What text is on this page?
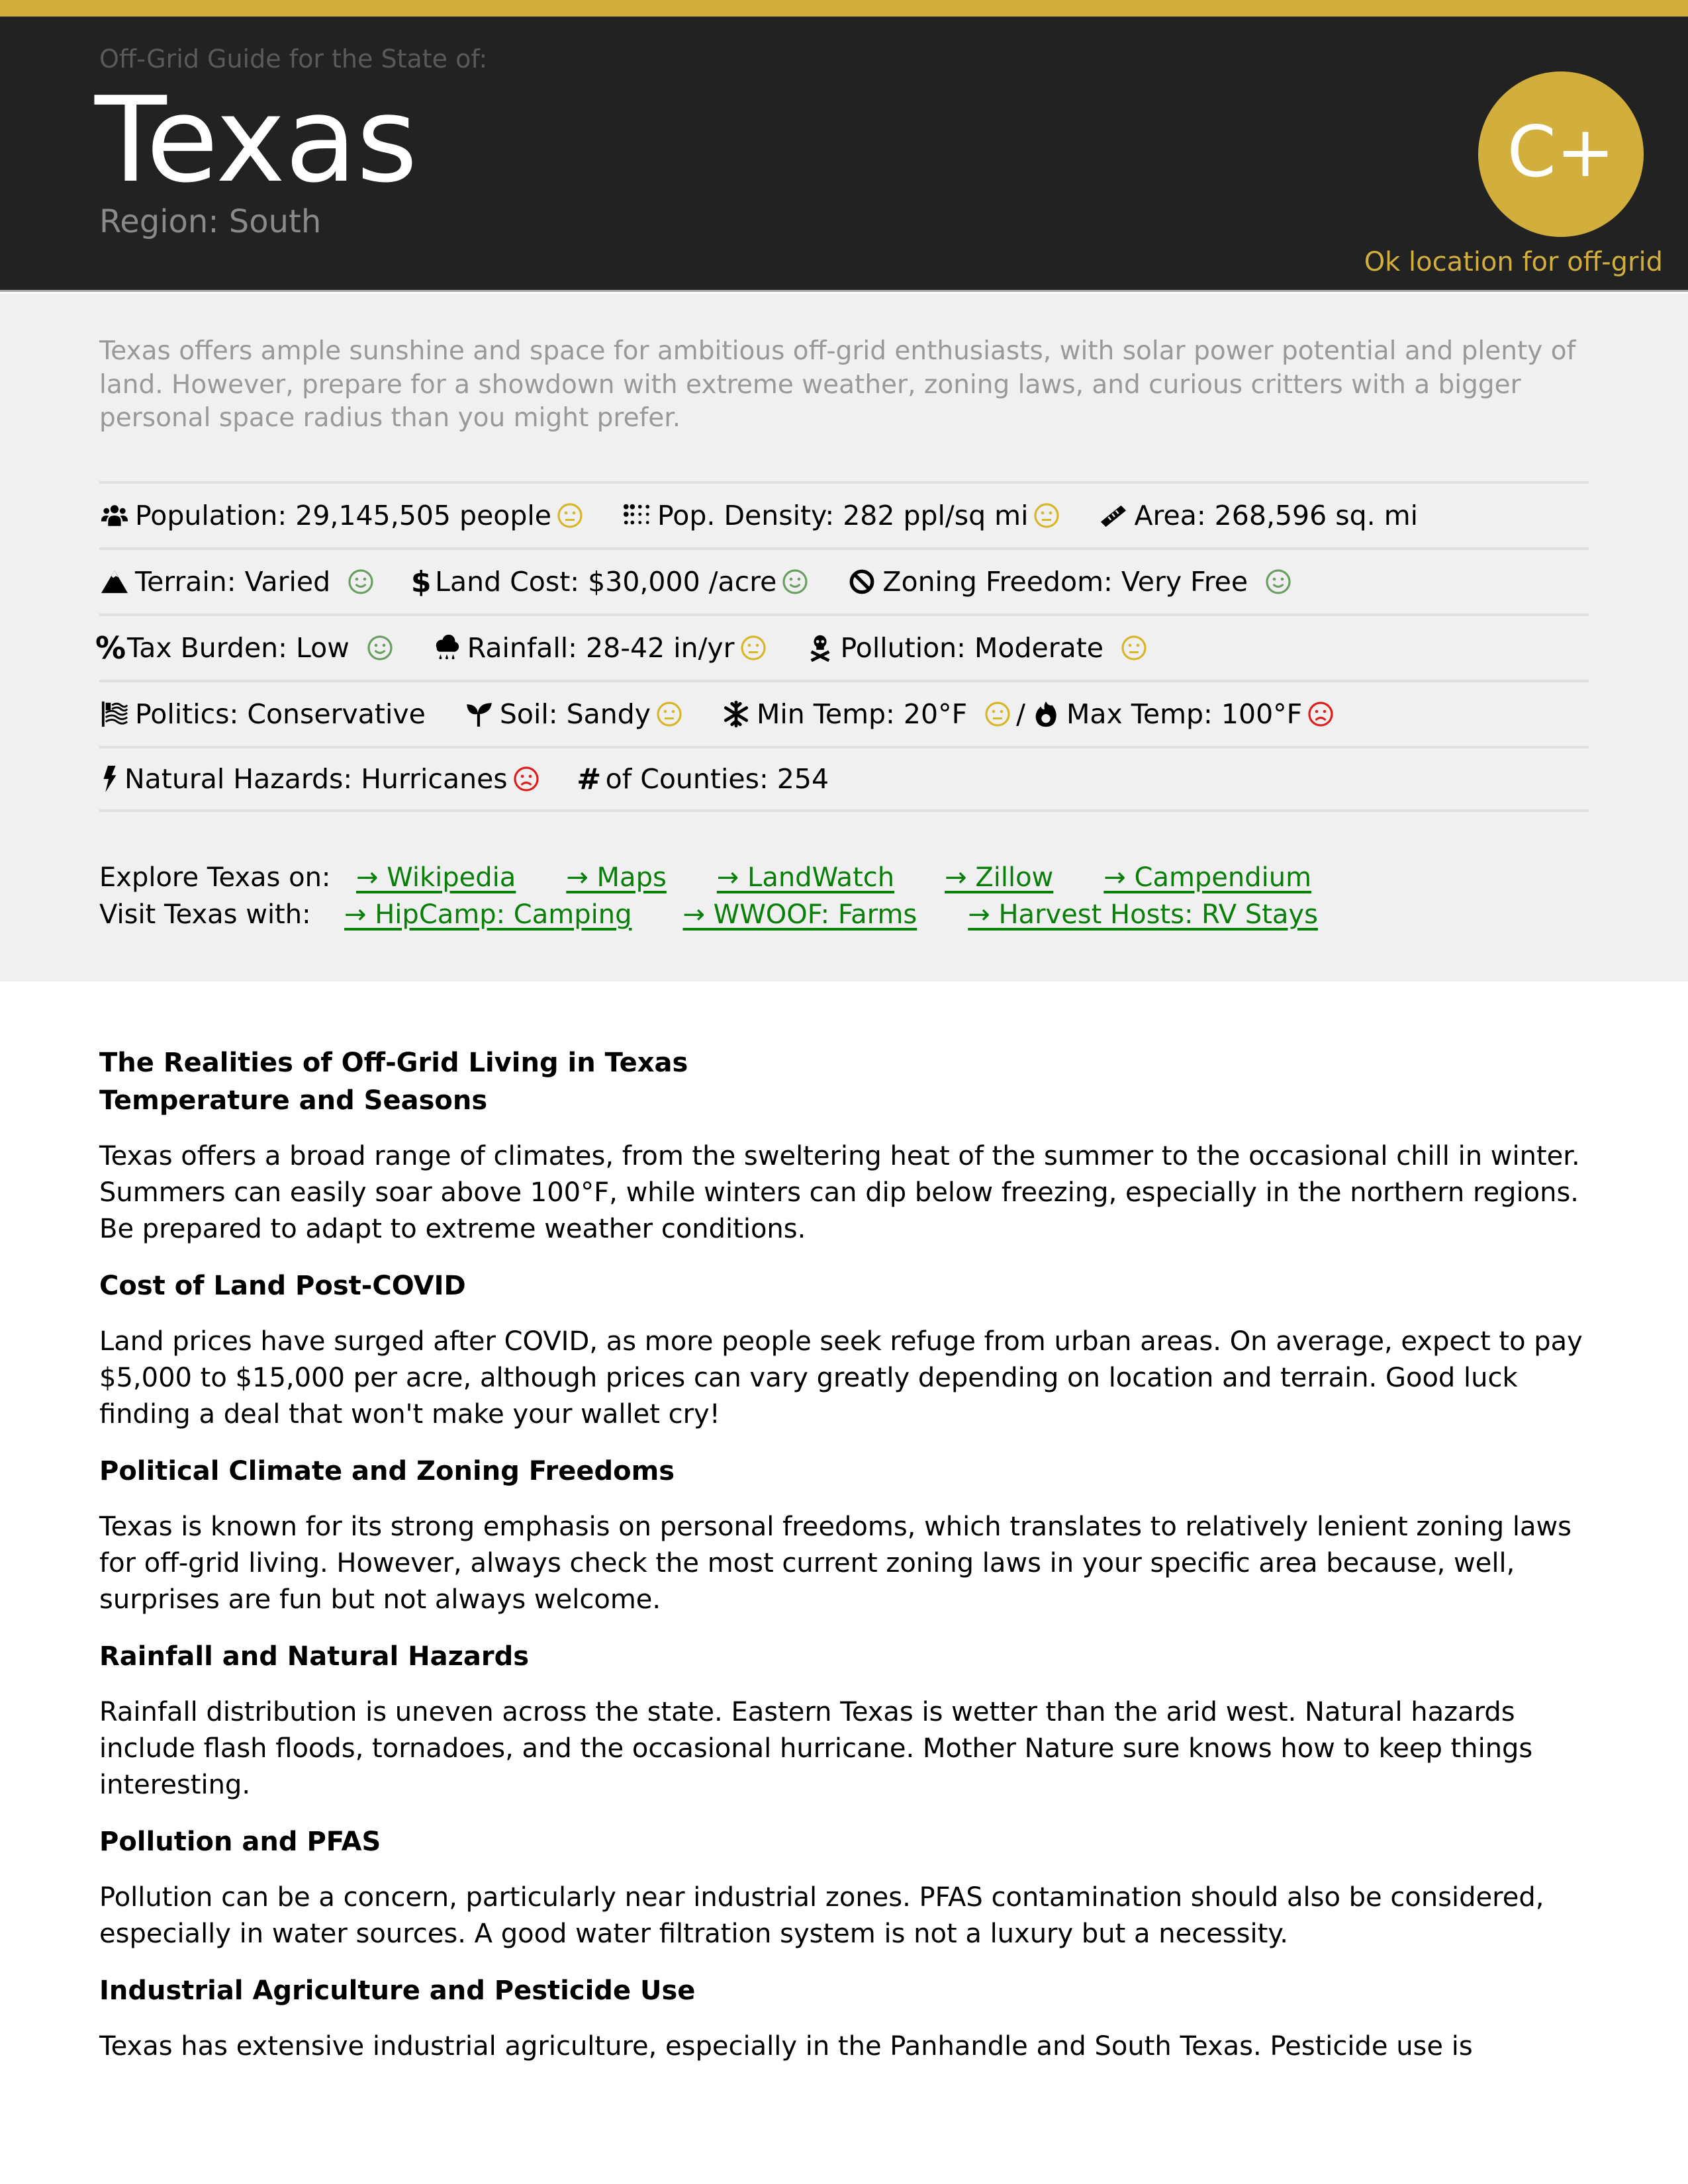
Off-Grid Guide for the State of:
Texas
Region: South
C+
Ok location for off-grid

Texas offers ample sunshine and space for ambitious off-grid enthusiasts, with solar power potential and plenty of land. However, prepare for a showdown with extreme weather, zoning laws, and curious critters with a bigger personal space radius than you might prefer.

Population: 29,145,505 people	Pop. Density: 282 ppl/sq mi	Area: 268,596 sq. mi
Terrain: Varied	$ Land Cost: $30,000 /acre	Zoning Freedom: Very Free
% Tax Burden: Low	Rainfall: 28-42 in/yr	Pollution: Moderate
Politics: Conservative	Soil: Sandy	Min Temp: 20°F / Max Temp: 100°F
Natural Hazards: Hurricanes # of Counties: 254
Explore Texas on: → Wikipedia → Maps → LandWatch → Zillow → Campendium
Visit Texas with:	→ HipCamp: Camping → WWOOF: Farms → Harvest Hosts: RV Stays
The Realities of Off-Grid Living in Texas
Temperature and Seasons

Texas offers a broad range of climates, from the sweltering heat of the summer to the occasional chill in winter. Summers can easily soar above 100°F, while winters can dip below freezing, especially in the northern regions. Be prepared to adapt to extreme weather conditions.

Cost of Land Post-COVID

Land prices have surged after COVID, as more people seek refuge from urban areas. On average, expect to pay $5,000 to $15,000 per acre, although prices can vary greatly depending on location and terrain. Good luck finding a deal that won't make your wallet cry!

Political Climate and Zoning Freedoms

Texas is known for its strong emphasis on personal freedoms, which translates to relatively lenient zoning laws for off-grid living. However, always check the most current zoning laws in your specific area because, well, surprises are fun but not always welcome.

Rainfall and Natural Hazards

Rainfall distribution is uneven across the state. Eastern Texas is wetter than the arid west. Natural hazards include flash floods, tornadoes, and the occasional hurricane. Mother Nature sure knows how to keep things interesting.

Pollution and PFAS

Pollution can be a concern, particularly near industrial zones. PFAS contamination should also be considered, especially in water sources. A good water filtration system is not a luxury but a necessity.

Industrial Agriculture and Pesticide Use

Texas has extensive industrial agriculture, especially in the Panhandle and South Texas. Pesticide use is
